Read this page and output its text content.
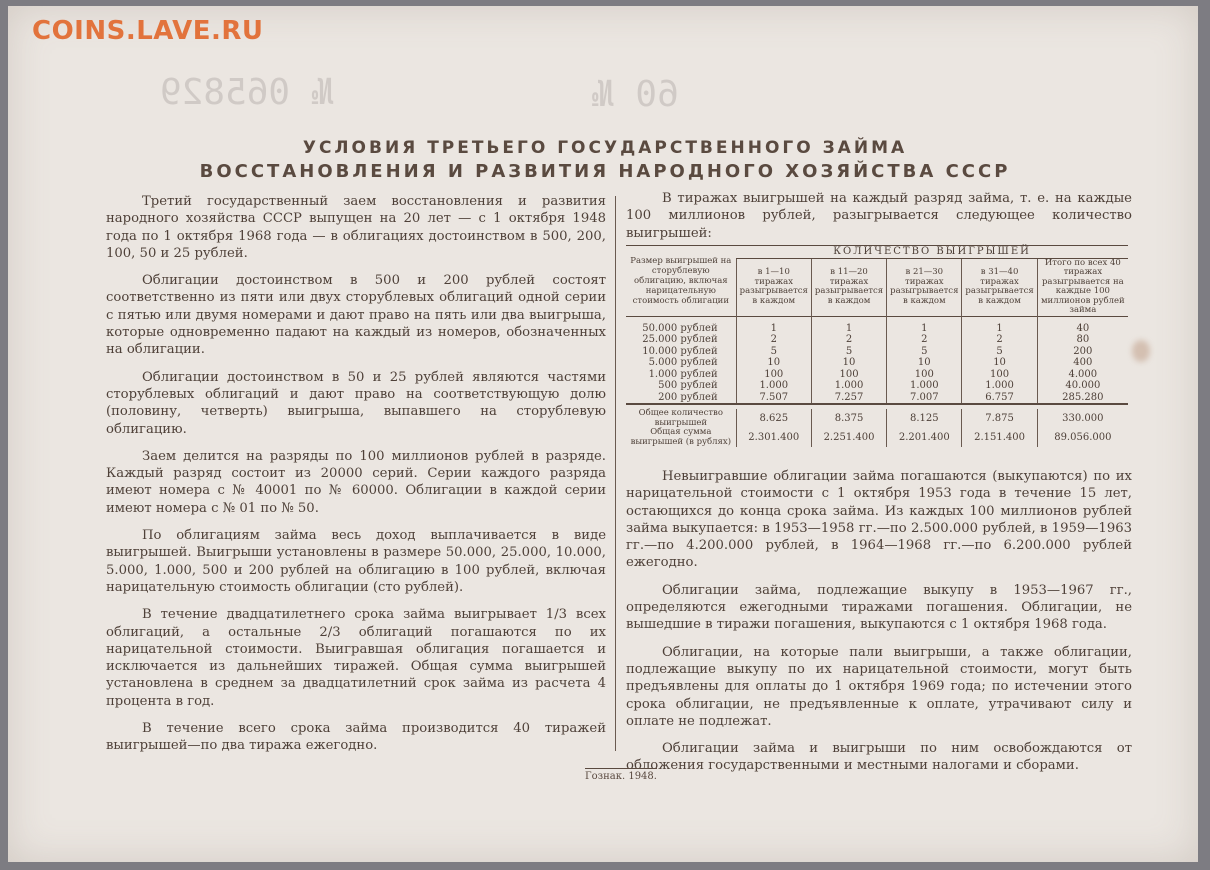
№ 065829	60 №
COINS.LAVE.RU
УСЛОВИЯ ТРЕТЬЕГО ГОСУДАРСТВЕННОГО ЗАЙМА
ВОССТАНОВЛЕНИЯ И РАЗВИТИЯ НАРОДНОГО ХОЗЯЙСТВА СССР

Третий государственный заем восстановления и развития народного хозяйства СССР выпущен на 20 лет — с 1 октября 1948 года по 1 октября 1968 года — в облигациях достоинством в 500, 200, 100, 50 и 25 рублей.

Облигации достоинством в 500 и 200 рублей состоят соответственно из пяти или двух сторублевых облигаций одной серии с пятью или двумя номерами и дают право на пять или два выигрыша, которые одновременно падают на каждый из номеров, обозначенных на облигации.

Облигации достоинством в 50 и 25 рублей являются частями сторублевых облигаций и дают право на соответствующую долю (половину, четверть) выигрыша, выпавшего на сторублевую облигацию.

Заем делится на разряды по 100 миллионов рублей в разряде. Каждый разряд состоит из 20000 серий. Серии каждого разряда имеют номера с № 40001 по № 60000. Облигации в каждой серии имеют номера с № 01 по № 50.

По облигациям займа весь доход выплачивается в виде выигрышей. Выигрыши установлены в размере 50.000, 25.000, 10.000, 5.000, 1.000, 500 и 200 рублей на облигацию в 100 рублей, включая нарицательную стоимость облигации (сто рублей).

В течение двадцатилетнего срока займа выигрывает 1/3 всех облигаций, а остальные 2/3 облигаций погашаются по их нарицательной стоимости. Выигравшая облигация погашается и исключается из дальнейших тиражей. Общая сумма выигрышей установлена в среднем за двадцатилетний срок займа из расчета 4 процента в год.

В течение всего срока займа производится 40 тиражей выигрышей—по два тиража ежегодно.

В тиражах выигрышей на каждый разряд займа, т. е. на каждые 100 миллионов рублей, разыгрывается следующее количество выигрышей:

Размер выигрышей на сторублевую облигацию, включая нарицательную стоимость облигации	КОЛИЧЕСТВО ВЫИГРЫШЕЙ				
	в 1—10 тиражах разыгрывается в каждом	в 11—20 тиражах разыгрывается в каждом	в 21—30 тиражах разыгрывается в каждом	в 31—40 тиражах разыгрывается в каждом	Итого по всех 40 тиражах разыгрывается на каждые 100 миллионов рублей займа
50.000 рублей	1	1	1	1	40
25.000 рублей	2	2	2	2	80
10.000 рублей	5	5	5	5	200
5.000 рублей	10	10	10	10	400
1.000 рублей	100	100	100	100	4.000
500 рублей	1.000	1.000	1.000	1.000	40.000
200 рублей	7.507	7.257	7.007	6.757	285.280

Общее количество выигрышей	8.625	8.375	8.125	7.875	330.000
Общая сумма выигрышей (в рублях)	2.301.400	2.251.400	2.201.400	2.151.400	89.056.000

Невыигравшие облигации займа погашаются (выкупаются) по их нарицательной стоимости с 1 октября 1953 года в течение 15 лет, остающихся до конца срока займа. Из каждых 100 миллионов рублей займа выкупается: в 1953—1958 гг.—по 2.500.000 рублей, в 1959—1963 гг.—по 4.200.000 рублей, в 1964—1968 гг.—по 6.200.000 рублей ежегодно.

Облигации займа, подлежащие выкупу в 1953—1967 гг., определяются ежегодными тиражами погашения. Облигации, не вышедшие в тиражи погашения, выкупаются с 1 октября 1968 года.

Облигации, на которые пали выигрыши, а также облигации, подлежащие выкупу по их нарицательной стоимости, могут быть предъявлены для оплаты до 1 октября 1969 года; по истечении этого срока облигации, не предъявленные к оплате, утрачивают силу и оплате не подлежат.

Облигации займа и выигрыши по ним освобождаются от обложения государственными и местными налогами и сборами.

Гознак. 1948.
